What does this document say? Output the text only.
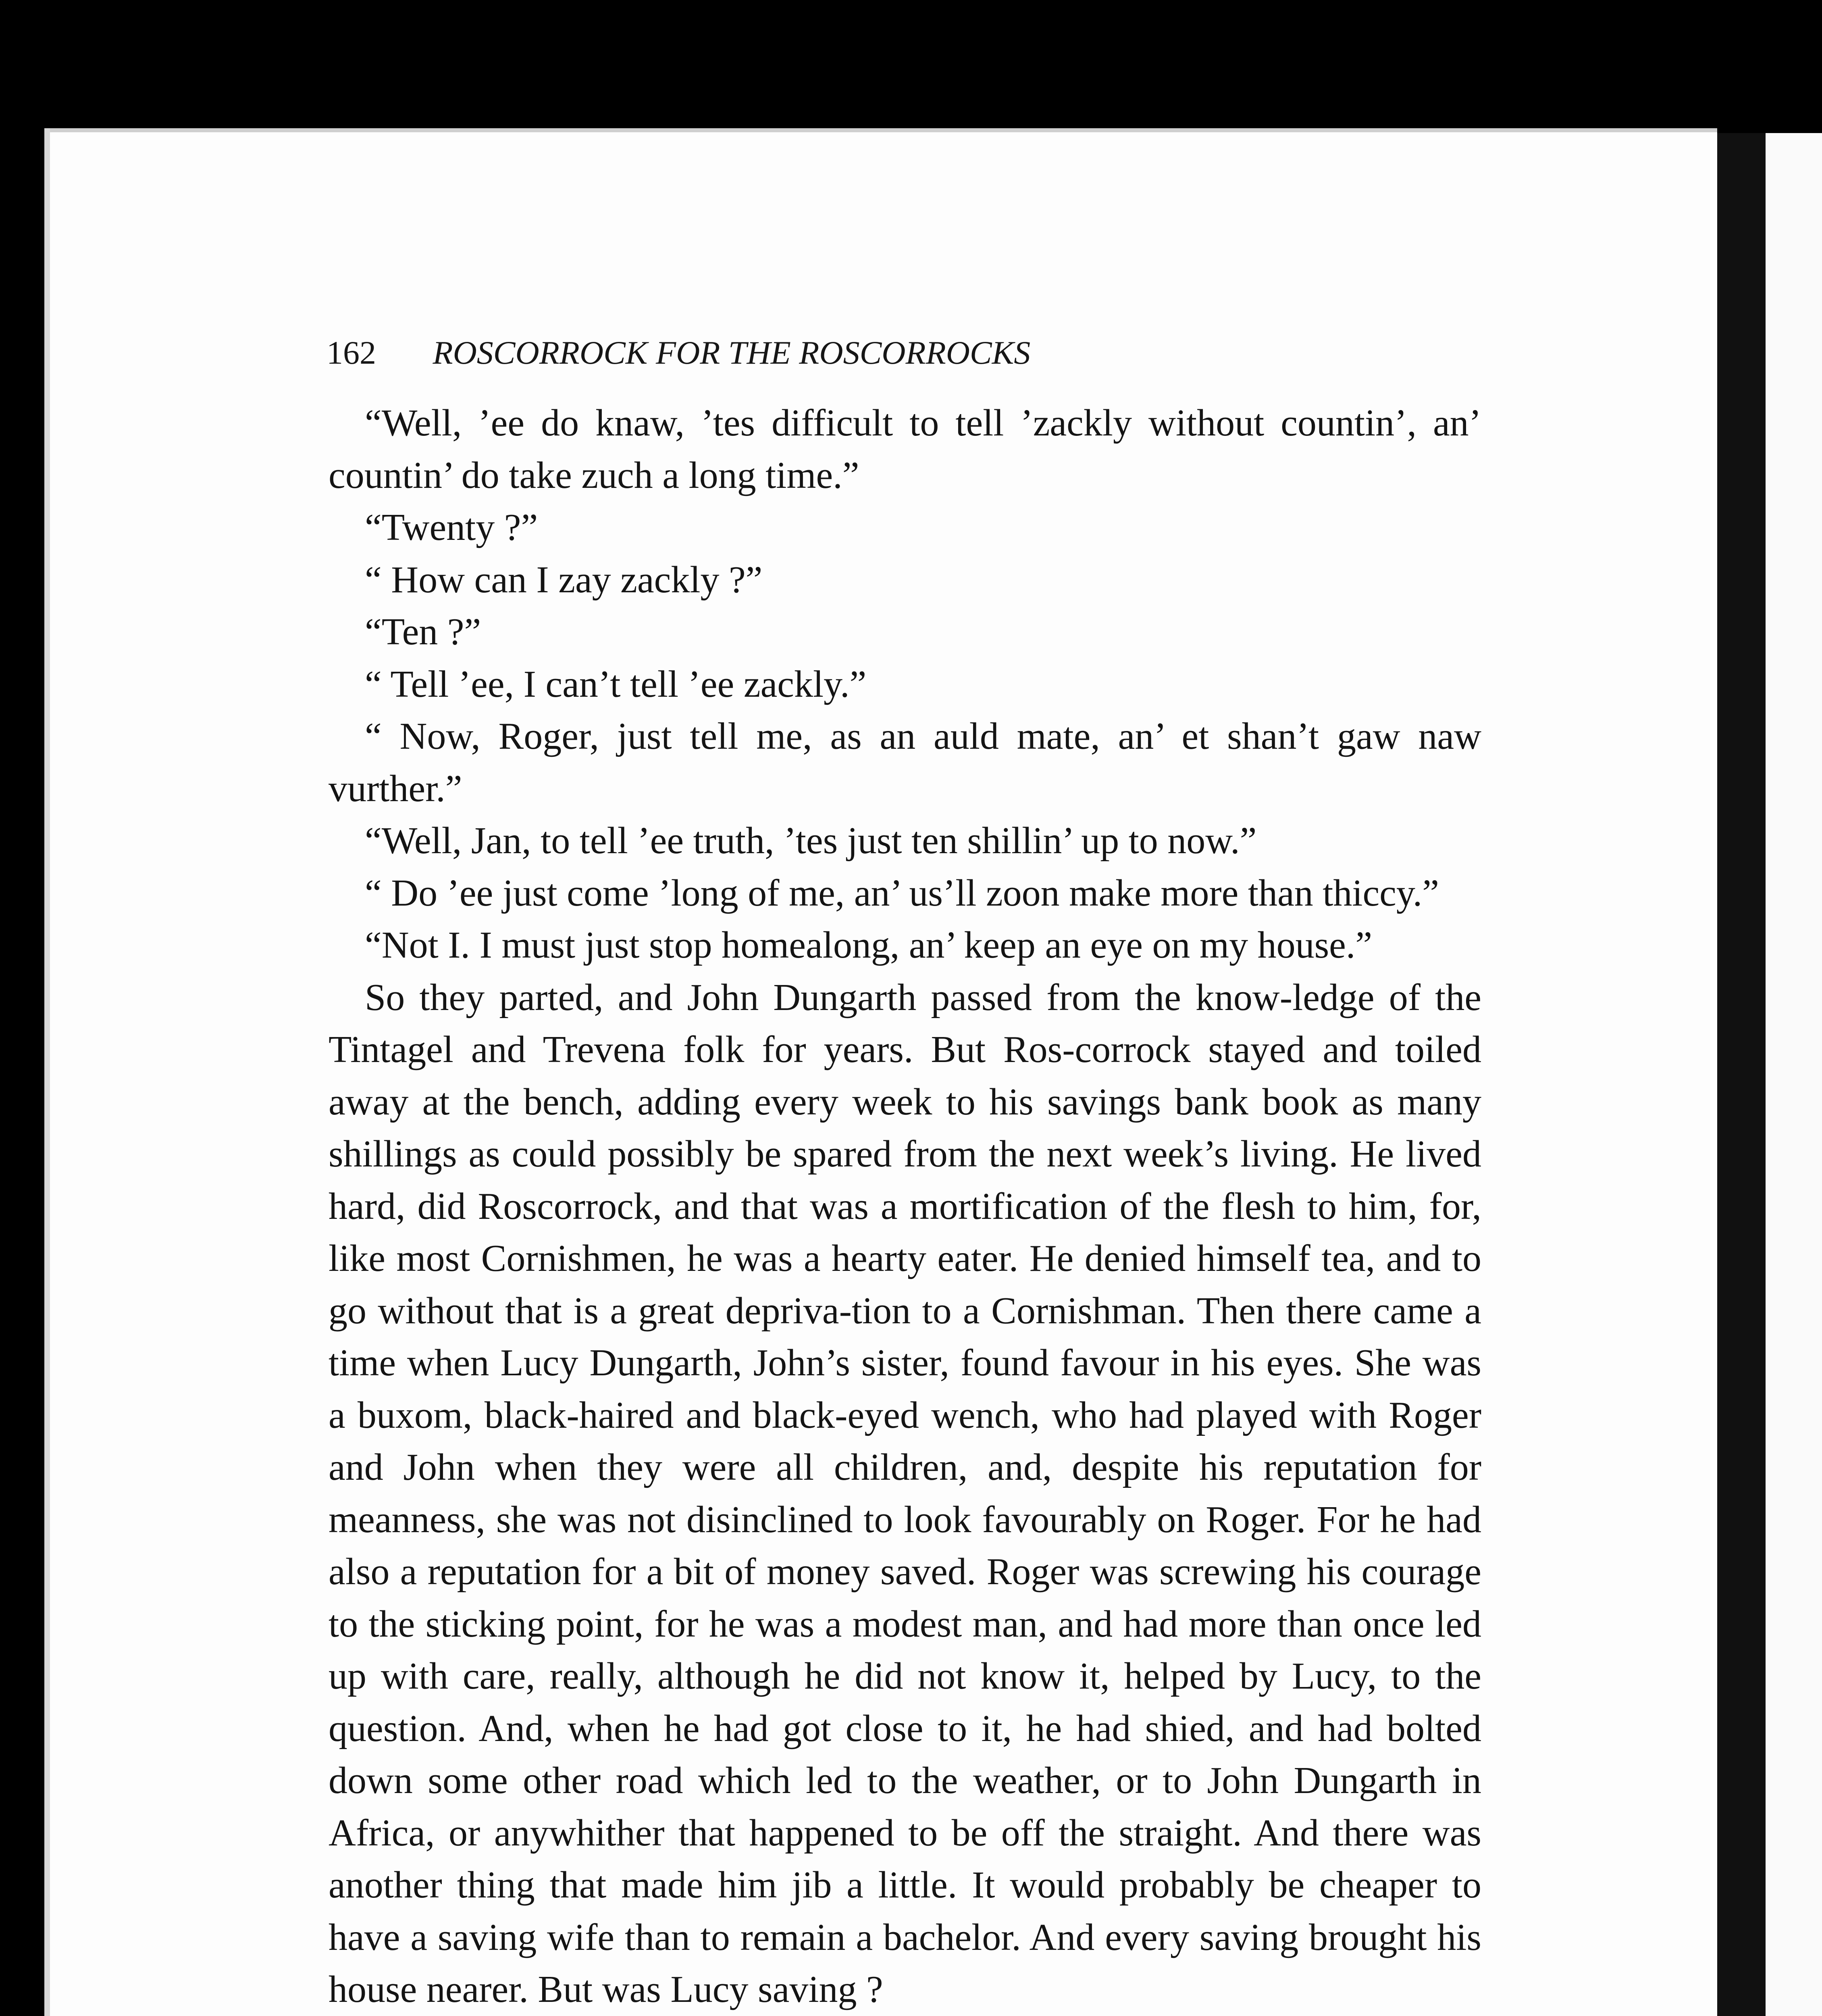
162 ROSCORROCK FOR THE ROSCORROCKS

“Well, ’ee do knaw, ’tes difficult to tell ’zackly without countin’, an’ countin’ do take zuch a long time.”

“Twenty ?”

“ How can I zay zackly ?”

“Ten ?”

“ Tell ’ee, I can’t tell ’ee zackly.”

“ Now, Roger, just tell me, as an auld mate, an’ et shan’t gaw naw vurther.”

“Well, Jan, to tell ’ee truth, ’tes just ten shillin’ up to now.”

“ Do ’ee just come ’long of me, an’ us’ll zoon make more than thiccy.”

“Not I. I must just stop homealong, an’ keep an eye on my house.”

So they parted, and John Dungarth passed from the know-ledge of the Tintagel and Trevena folk for years. But Ros-corrock stayed and toiled away at the bench, adding every week to his savings bank book as many shillings as could possibly be spared from the next week’s living. He lived hard, did Roscorrock, and that was a mortification of the flesh to him, for, like most Cornishmen, he was a hearty eater. He denied himself tea, and to go without that is a great depriva-tion to a Cornishman. Then there came a time when Lucy Dungarth, John’s sister, found favour in his eyes. She was a buxom, black-haired and black-eyed wench, who had played with Roger and John when they were all children, and, despite his reputation for meanness, she was not disinclined to look favourably on Roger. For he had also a reputation for a bit of money saved. Roger was screwing his courage to the sticking point, for he was a modest man, and had more than once led up with care, really, although he did not know it, helped by Lucy, to the question. And, when he had got close to it, he had shied, and had bolted down some other road which led to the weather, or to John Dungarth in Africa, or anywhither that happened to be off the straight. And there was another thing that made him jib a little. It would probably be cheaper to have a saving wife than to remain a bachelor. And every saving brought his house nearer. But was Lucy saving ?
